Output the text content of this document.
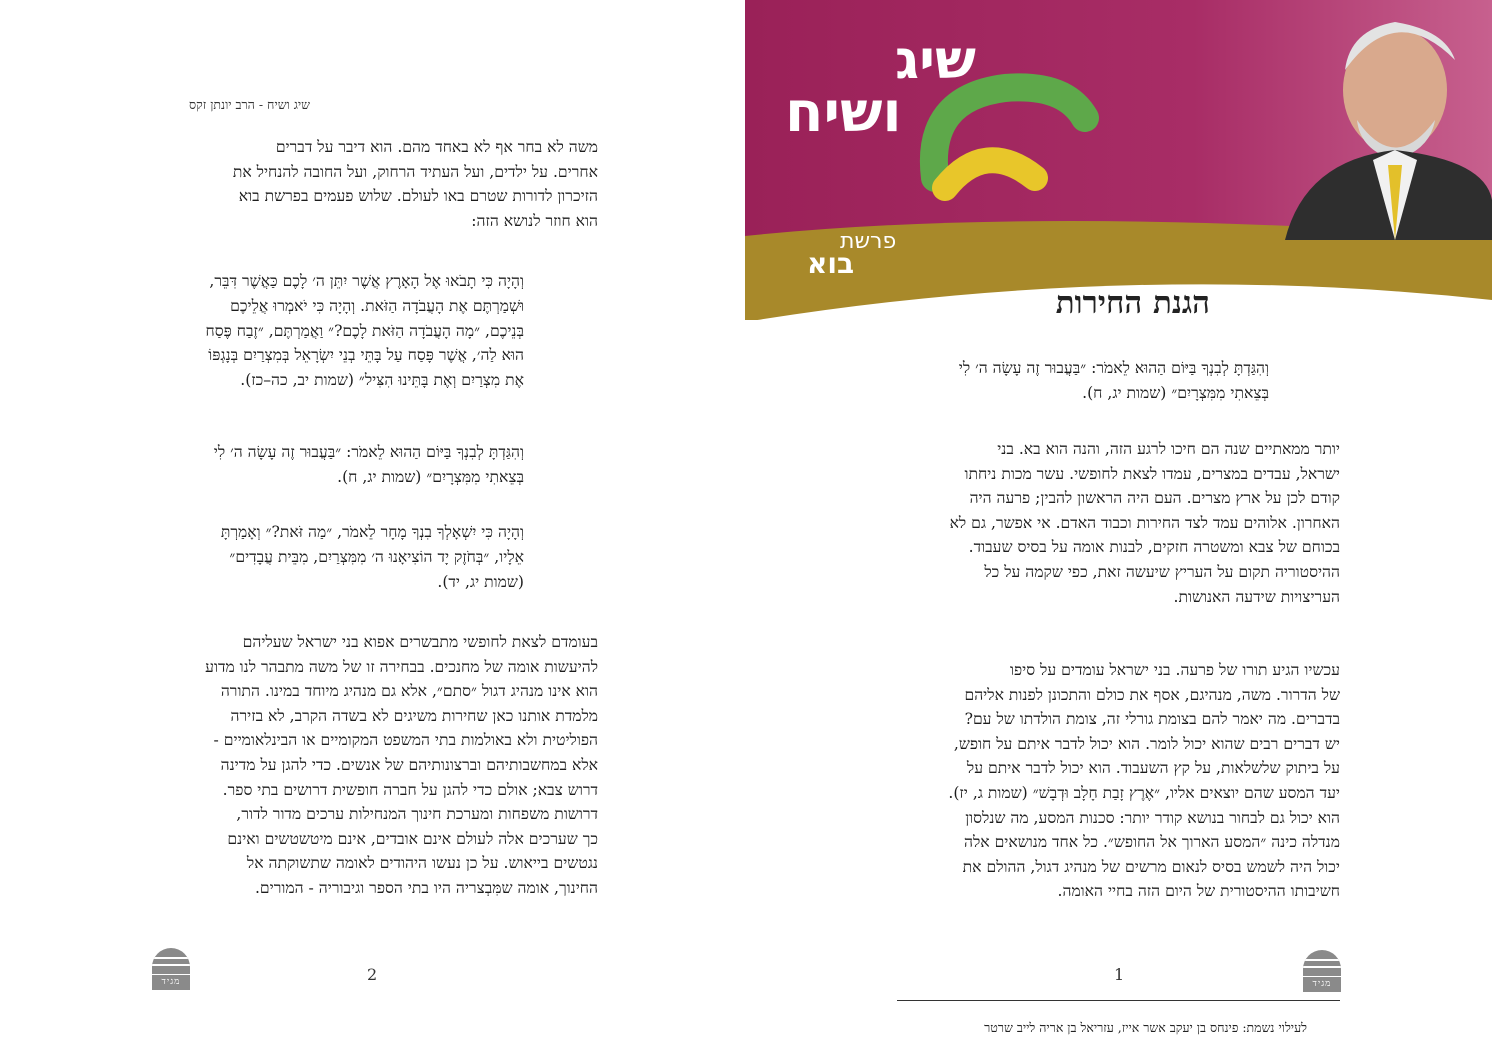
שיג ושיח - הרב יונתן זקס

משה לא בחר אף לא באחד מהם. הוא דיבר על דברים

אחרים. על ילדים, ועל העתיד הרחוק, ועל החובה להנחיל את

הזיכרון לדורות שטרם באו לעולם. שלוש פעמים בפרשת בוא

הוא חוזר לנושא הזה:

וְהָיָה כִּי תָבֹאוּ אֶל הָאָרֶץ אֲשֶׁר יִתֵּן ה׳ לָכֶם כַּאֲשֶׁר דִּבֵּר,

וּשְׁמַרְתֶּם אֶת הָעֲבֹדָה הַזֹּאת. וְהָיָה כִּי יֹאמְרוּ אֲלֵיכֶם

בְּנֵיכֶם, ״מָה הָעֲבֹדָה הַזֹּאת לָכֶם?״ וַאֲמַרְתֶּם, ״זֶבַח פֶּסַח

הוּא לַה׳, אֲשֶׁר פָּסַח עַל בָּתֵּי בְנֵי יִשְׂרָאֵל בְּמִצְרַיִם בְּנָגְפּוֹ

אֶת מִצְרַיִם וְאֶת בָּתֵּינוּ הִצִּיל״ (שמות יב, כה–כז).

וְהִגַּדְתָּ לְבִנְךָ בַּיּוֹם הַהוּא לֵאמֹר: ״בַּעֲבוּר זֶה עָשָׂה ה׳ לִי

בְּצֵאתִי מִמִּצְרָיִם״ (שמות יג, ח).

וְהָיָה כִּי יִשְׁאָלְךָ בִנְךָ מָחָר לֵאמֹר, ״מַה זֹּאת?״ וְאָמַרְתָּ

אֵלָיו, ״בְּחֹזֶק יָד הוֹצִיאָנוּ ה׳ מִמִּצְרַיִם, מִבֵּית עֲבָדִים״

(שמות יג, יד).

בעומדם לצאת לחופשי מתבשרים אפוא בני ישראל שעליהם

להיעשות אומה של מחנכים. בבחירה זו של משה מתבהר לנו מדוע

הוא אינו מנהיג דגול ״סתם״, אלא גם מנהיג מיוחד במינו. התורה

מלמדת אותנו כאן שחירות משיגים לא בשדה הקרב, לא בזירה

הפוליטית ולא באולמות בתי המשפט המקומיים או הבינלאומיים -

אלא במחשבותיהם וברצונותיהם של אנשים. כדי להגן על מדינה

דרוש צבא; אולם כדי להגן על חברה חופשית דרושים בתי ספר.

דרושות משפחות ומערכת חינוך המנחילות ערכים מדור לדור,

כך שערכים אלה לעולם אינם אובדים, אינם מיטשטשים ואינם

נגטשים בייאוש. על כן נעשו היהודים לאומה שתשוקתה אל

החינוך, אומה שמִּבְצריה היו בתי הספר וגיבוריה - המורים.

מגיד	2
שיג
ושיח
פרשת
בוא
הגנת החירות

וְהִגַּדְתָּ לְבִנְךָ בַּיּוֹם הַהוּא לֵאמֹר: ״בַּעֲבוּר זֶה עָשָׂה ה׳ לִי

בְּצֵאתִי מִמִּצְרָיִם״ (שמות יג, ח).

יותר ממאתיים שנה הם חיכו לרגע הזה, והנה הוא בא. בני

ישראל, עבדים במצרים, עמדו לצאת לחופשי. עשר מכות ניחתו

קודם לכן על ארץ מצרים. העם היה הראשון להבין; פרעה היה

האחרון. אלוהים עמד לצד החירות וכבוד האדם. אי אפשר, גם לא

בכוחם של צבא ומשטרה חזקים, לבנות אומה על בסיס שעבוד.

ההיסטוריה תקום על העריץ שיעשה זאת, כפי שקמה על כל

העריצויות שידעה האנושות.

עכשיו הגיע תורו של פרעה. בני ישראל עומדים על סיפו

של הדרור. משה, מנהיגם, אסף את כולם והתכונן לפנות אליהם

בדברים. מה יאמר להם בצומת גורלי זה, צומת הולדתו של עם?

יש דברים רבים שהוא יכול לומר. הוא יכול לדבר איתם על חופש,

על ביתוק שלשלאות, על קץ השעבוד. הוא יכול לדבר איתם על

יעד המסע שהם יוצאים אליו, ״אֶרֶץ זָבַת חָלָב וּדְבָשׁ״ (שמות ג, יז).

הוא יכול גם לבחור בנושא קודר יותר: סכנות המסע, מה שנלסון

מנדלה כינה ״המסע הארוך אל החופש״. כל אחד מנושאים אלה

יכול היה לשמש בסיס לנאום מרשים של מנהיג דגול, ההולם את

חשיבותו ההיסטורית של היום הזה בחיי האומה.

1	מגיד
לעילוי נשמת: פינחס בן יעקב אשר אייז, עזריאל בן אריה לייב שרטר
